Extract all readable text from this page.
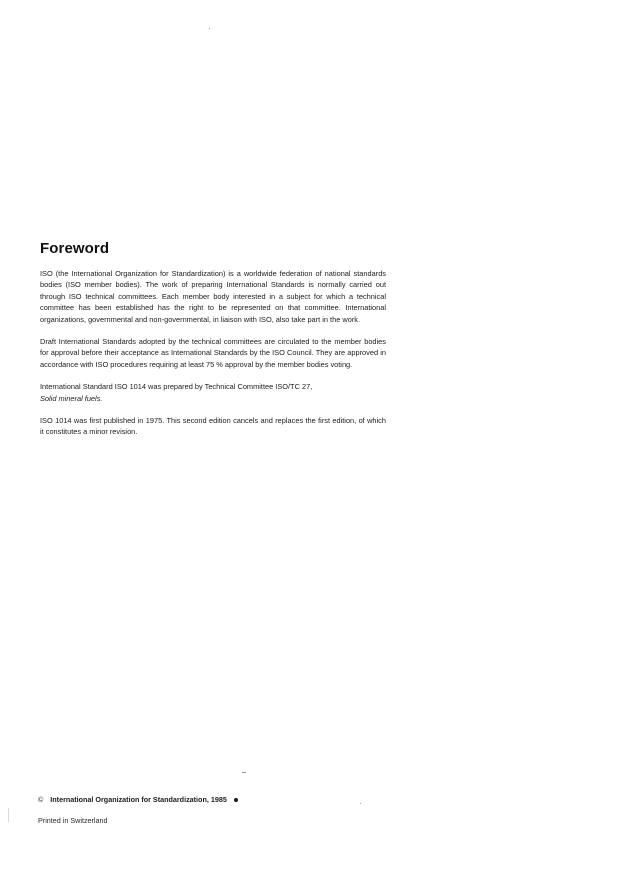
Foreword

ISO (the International Organization for Standardization) is a worldwide federation of national standards bodies (ISO member bodies). The work of preparing International Standards is normally carried out through ISO technical committees. Each member body interested in a subject for which a technical committee has been established has the right to be represented on that committee. International organizations, governmental and non-governmental, in liaison with ISO, also take part in the work.

Draft International Standards adopted by the technical committees are circulated to the member bodies for approval before their acceptance as International Standards by the ISO Council. They are approved in accordance with ISO procedures requiring at least 75 % approval by the member bodies voting.

International Standard ISO 1014 was prepared by Technical Committee ISO/TC 27,
Solid mineral fuels.

ISO 1014 was first published in 1975. This second edition cancels and replaces the first edition, of which it constitutes a minor revision.

© International Organization for Standardization, 1985
Printed in Switzerland
